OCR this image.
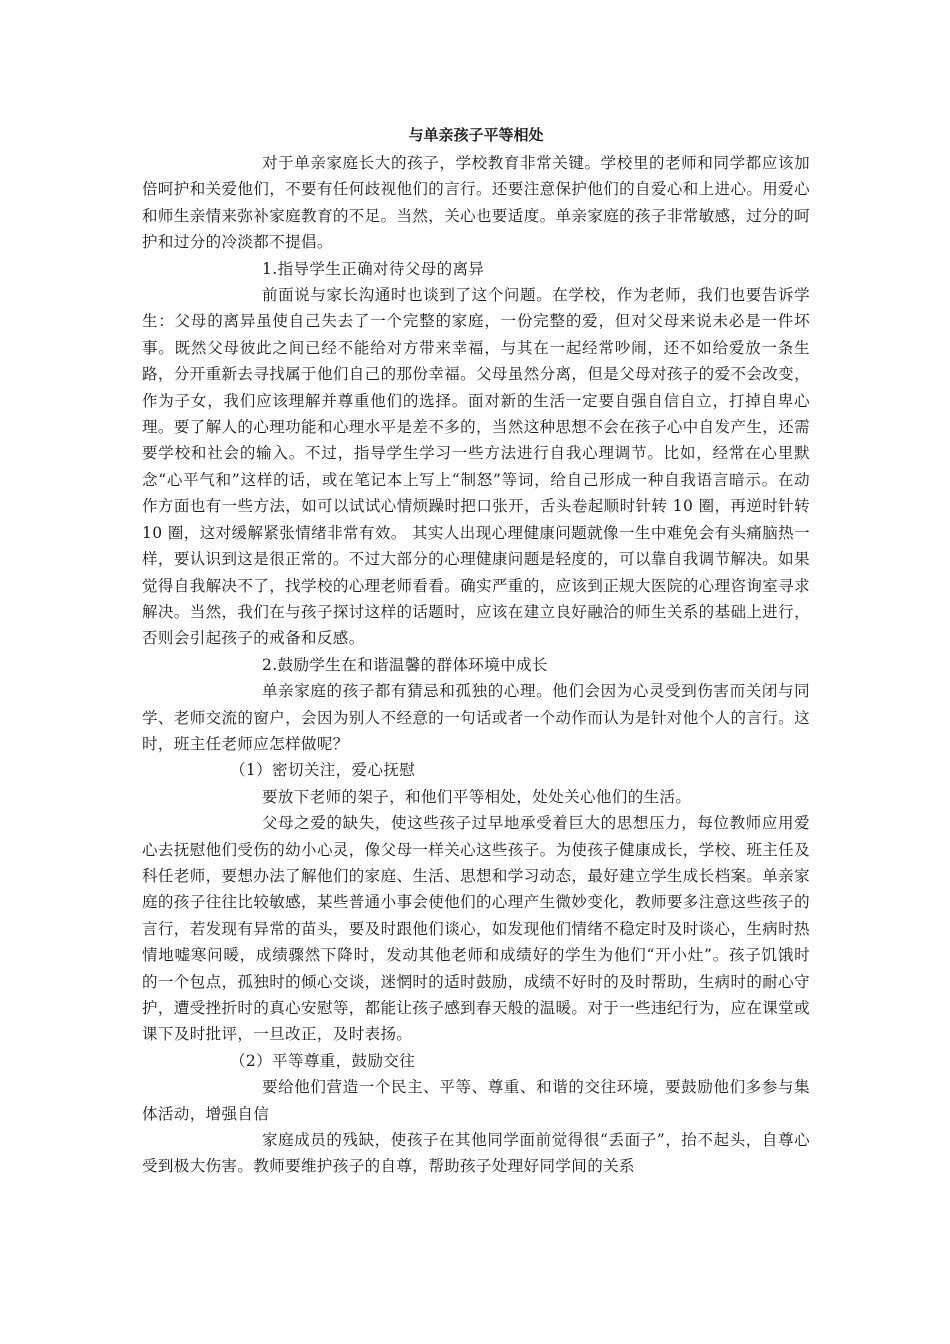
与单亲孩子平等相处

对于单亲家庭长大的孩子，学校教育非常关键。学校里的老师和同学都应该加倍呵护和关爱他们，不要有任何歧视他们的言行。还要注意保护他们的自爱心和上进心。用爱心和师生亲情来弥补家庭教育的不足。当然，关心也要适度。单亲家庭的孩子非常敏感，过分的呵护和过分的冷淡都不提倡。

1.指导学生正确对待父母的离异

前面说与家长沟通时也谈到了这个问题。在学校，作为老师，我们也要告诉学生：父母的离异虽使自己失去了一个完整的家庭，一份完整的爱，但对父母来说未必是一件坏事。既然父母彼此之间已经不能给对方带来幸福，与其在一起经常吵闹，还不如给爱放一条生路，分开重新去寻找属于他们自己的那份幸福。父母虽然分离，但是父母对孩子的爱不会改变，作为子女，我们应该理解并尊重他们的选择。面对新的生活一定要自强自信自立，打掉自卑心理。要了解人的心理功能和心理水平是差不多的，当然这种思想不会在孩子心中自发产生，还需要学校和社会的输入。不过，指导学生学习一些方法进行自我心理调节。比如，经常在心里默念“心平气和”这样的话，或在笔记本上写上“制怒”等词，给自己形成一种自我语言暗示。在动作方面也有一些方法，如可以试试心情烦躁时把口张开，舌头卷起顺时针转 10 圈，再逆时针转 10 圈，这对缓解紧张情绪非常有效。 其实人出现心理健康问题就像一生中难免会有头痛脑热一样，要认识到这是很正常的。不过大部分的心理健康问题是轻度的，可以靠自我调节解决。如果觉得自我解决不了，找学校的心理老师看看。确实严重的，应该到正规大医院的心理咨询室寻求解决。当然，我们在与孩子探讨这样的话题时，应该在建立良好融洽的师生关系的基础上进行，否则会引起孩子的戒备和反感。

2.鼓励学生在和谐温馨的群体环境中成长

单亲家庭的孩子都有猜忌和孤独的心理。他们会因为心灵受到伤害而关闭与同学、老师交流的窗户，会因为别人不经意的一句话或者一个动作而认为是针对他个人的言行。这时，班主任老师应怎样做呢？

（1）密切关注，爱心抚慰

要放下老师的架子，和他们平等相处，处处关心他们的生活。

父母之爱的缺失，使这些孩子过早地承受着巨大的思想压力，每位教师应用爱心去抚慰他们受伤的幼小心灵，像父母一样关心这些孩子。为使孩子健康成长，学校、班主任及科任老师，要想办法了解他们的家庭、生活、思想和学习动态，最好建立学生成长档案。单亲家庭的孩子往往比较敏感，某些普通小事会使他们的心理产生微妙变化，教师要多注意这些孩子的言行，若发现有异常的苗头，要及时跟他们谈心，如发现他们情绪不稳定时及时谈心，生病时热情地嘘寒问暖，成绩骤然下降时，发动其他老师和成绩好的学生为他们“开小灶”。孩子饥饿时的一个包点，孤独时的倾心交谈，迷惘时的适时鼓励，成绩不好时的及时帮助，生病时的耐心守护，遭受挫折时的真心安慰等，都能让孩子感到春天般的温暖。对于一些违纪行为，应在课堂或课下及时批评，一旦改正，及时表扬。

（2）平等尊重，鼓励交往

要给他们营造一个民主、平等、尊重、和谐的交往环境，要鼓励他们多参与集体活动，增强自信

家庭成员的残缺，使孩子在其他同学面前觉得很“丢面子”，抬不起头，自尊心受到极大伤害。教师要维护孩子的自尊，帮助孩子处理好同学间的关系
